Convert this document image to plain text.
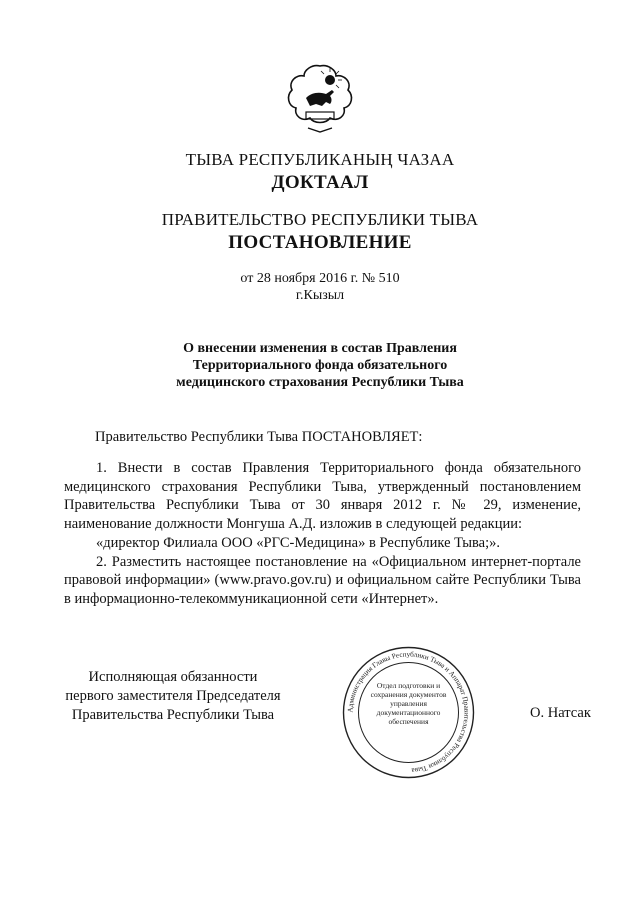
ТЫВА РЕСПУБЛИКАНЫҢ ЧАЗАА
ДОКТААЛ
ПРАВИТЕЛЬСТВО РЕСПУБЛИКИ ТЫВА
ПОСТАНОВЛЕНИЕ
от 28 ноября 2016 г. № 510
г.Кызыл
О внесении изменения в состав Правления
Территориального фонда обязательного
медицинского страхования Республики Тыва
Правительство Республики Тыва ПОСТАНОВЛЯЕТ:

1. Внести в состав Правления Территориального фонда обязательного медицинского страхования Республики Тыва, утвержденный постановлением Правительства Республики Тыва от 30 января 2012 г. № 29, изменение, наименование должности Монгуша А.Д. изложив в следующей редакции:

«директор Филиала ООО «РГС-Медицина» в Республике Тыва;».

2. Разместить настоящее постановление на «Официальном интернет-портале правовой информации» (www.pravo.gov.ru) и официальном сайте Республики Тыва в информационно-телекоммуникационной сети «Интернет».

Исполняющая обязанности
первого заместителя Председателя
Правительства Республики Тыва	Администрация Главы Республики Тыва и Аппарат Правительства Республики Тыва
Отдел подготовки и сохранения документов управления документационного обеспечения
О. Натсак
